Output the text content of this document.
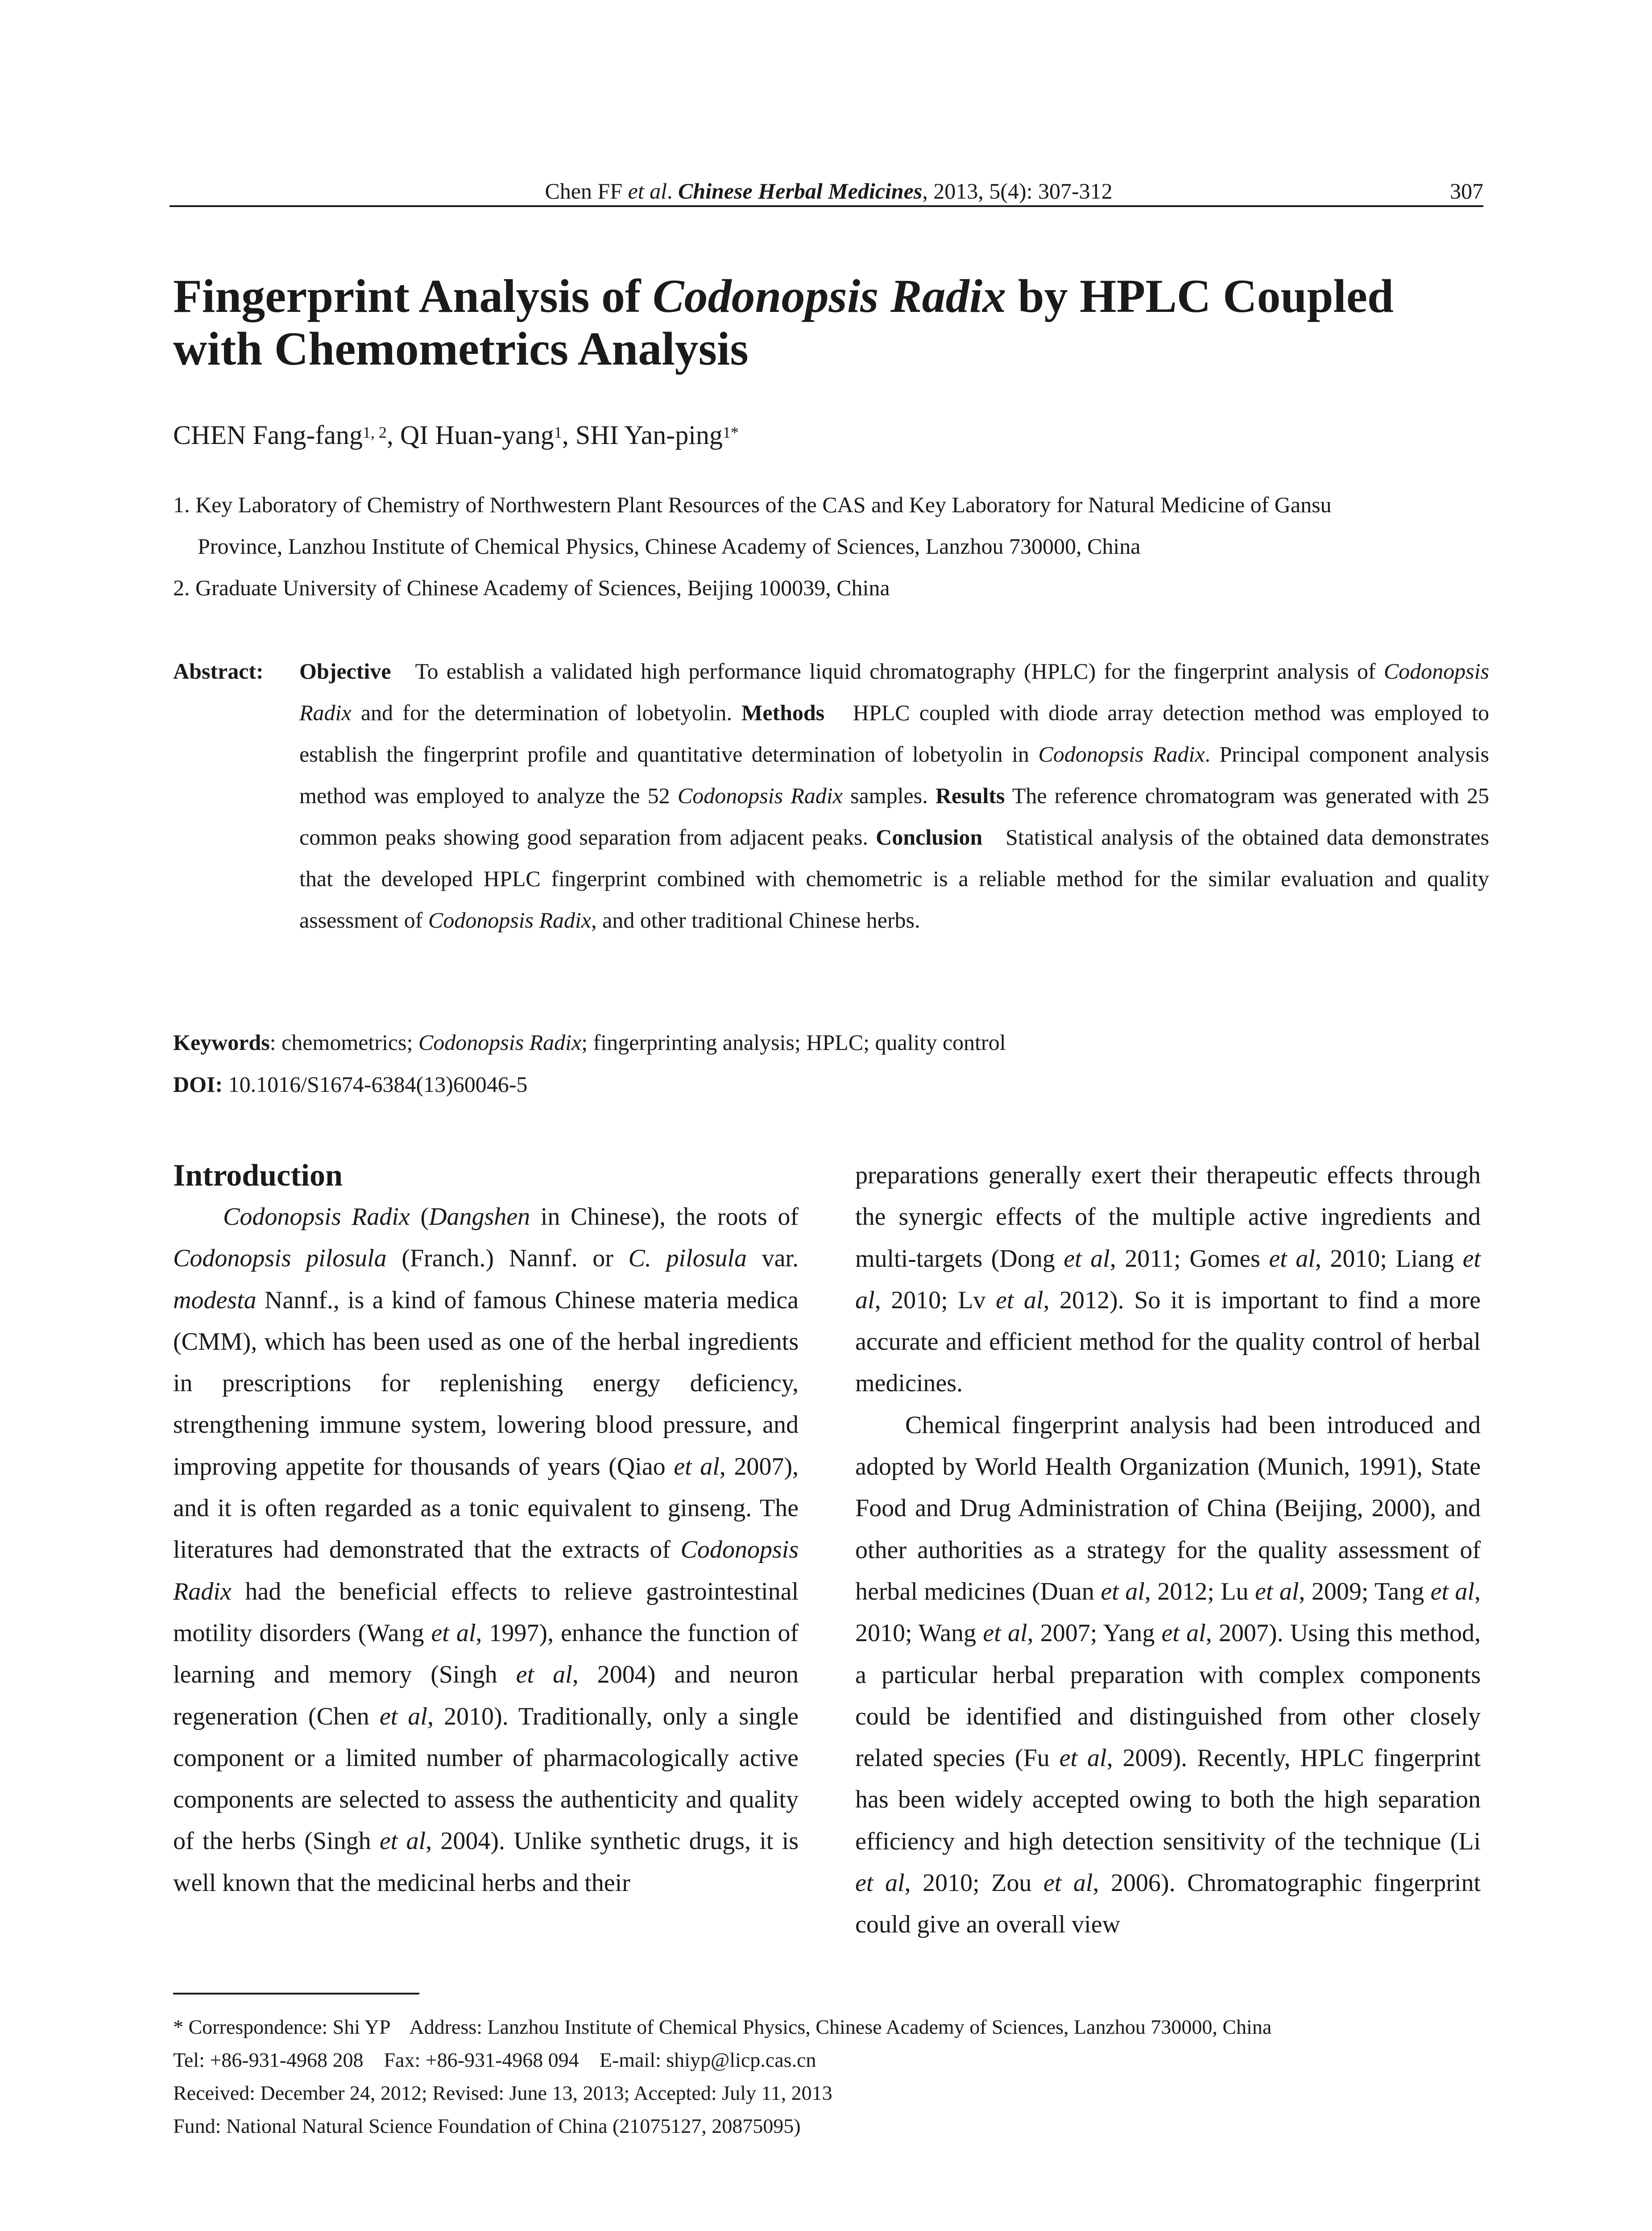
Chen FF et al. Chinese Herbal Medicines, 2013, 5(4): 307-312	307
Fingerprint Analysis of Codonopsis Radix by HPLC Coupled with Chemometrics Analysis
CHEN Fang-fang$^{1, 2}$, QI Huan-yang$^1$, SHI Yan-ping$^{1*}$
1. Key Laboratory of Chemistry of Northwestern Plant Resources of the CAS and Key Laboratory for Natural Medicine of Gansu
Province, Lanzhou Institute of Chemical Physics, Chinese Academy of Sciences, Lanzhou 730000, China
2. Graduate University of Chinese Academy of Sciences, Beijing 100039, China
Abstract: Objective To establish a validated high performance liquid chromatography (HPLC) for the fingerprint analysis of Codonopsis Radix and for the determination of lobetyolin. Methods HPLC coupled with diode array detection method was employed to establish the fingerprint profile and quantitative determination of lobetyolin in Codonopsis Radix. Principal component analysis method was employed to analyze the 52 Codonopsis Radix samples. Results The reference chromatogram was generated with 25 common peaks showing good separation from adjacent peaks. Conclusion Statistical analysis of the obtained data demonstrates that the developed HPLC fingerprint combined with chemometric is a reliable method for the similar evaluation and quality assessment of Codonopsis Radix, and other traditional Chinese herbs.
Keywords: chemometrics; Codonopsis Radix; fingerprinting analysis; HPLC; quality control
DOI: 10.1016/S1674-6384(13)60046-5
Introduction

Codonopsis Radix (Dangshen in Chinese), the roots of Codonopsis pilosula (Franch.) Nannf. or C. pilosula var. modesta Nannf., is a kind of famous Chinese materia medica (CMM), which has been used as one of the herbal ingredients in prescriptions for replenishing energy deficiency, strengthening immune system, lowering blood pressure, and improving appetite for thousands of years (Qiao et al, 2007), and it is often regarded as a tonic equivalent to ginseng. The literatures had demonstrated that the extracts of Codonopsis Radix had the beneficial effects to relieve gastrointestinal motility disorders (Wang et al, 1997), enhance the function of learning and memory (Singh et al, 2004) and neuron regeneration (Chen et al, 2010). Traditionally, only a single component or a limited number of pharmacologically active components are selected to assess the authenticity and quality of the herbs (Singh et al, 2004). Unlike synthetic drugs, it is well known that the medicinal herbs and their

preparations generally exert their therapeutic effects through the synergic effects of the multiple active ingredients and multi-targets (Dong et al, 2011; Gomes et al, 2010; Liang et al, 2010; Lv et al, 2012). So it is important to find a more accurate and efficient method for the quality control of herbal medicines.

Chemical fingerprint analysis had been introduced and adopted by World Health Organization (Munich, 1991), State Food and Drug Administration of China (Beijing, 2000), and other authorities as a strategy for the quality assessment of herbal medicines (Duan et al, 2012; Lu et al, 2009; Tang et al, 2010; Wang et al, 2007; Yang et al, 2007). Using this method, a particular herbal preparation with complex components could be identified and distinguished from other closely related species (Fu et al, 2009). Recently, HPLC fingerprint has been widely accepted owing to both the high separation efficiency and high detection sensitivity of the technique (Li et al, 2010; Zou et al, 2006). Chromatographic fingerprint could give an overall view

* Correspondence: Shi YP    Address: Lanzhou Institute of Chemical Physics, Chinese Academy of Sciences, Lanzhou 730000, China
Tel: +86-931-4968 208    Fax: +86-931-4968 094    E-mail: shiyp@licp.cas.cn
Received: December 24, 2012; Revised: June 13, 2013; Accepted: July 11, 2013
Fund: National Natural Science Foundation of China (21075127, 20875095)
